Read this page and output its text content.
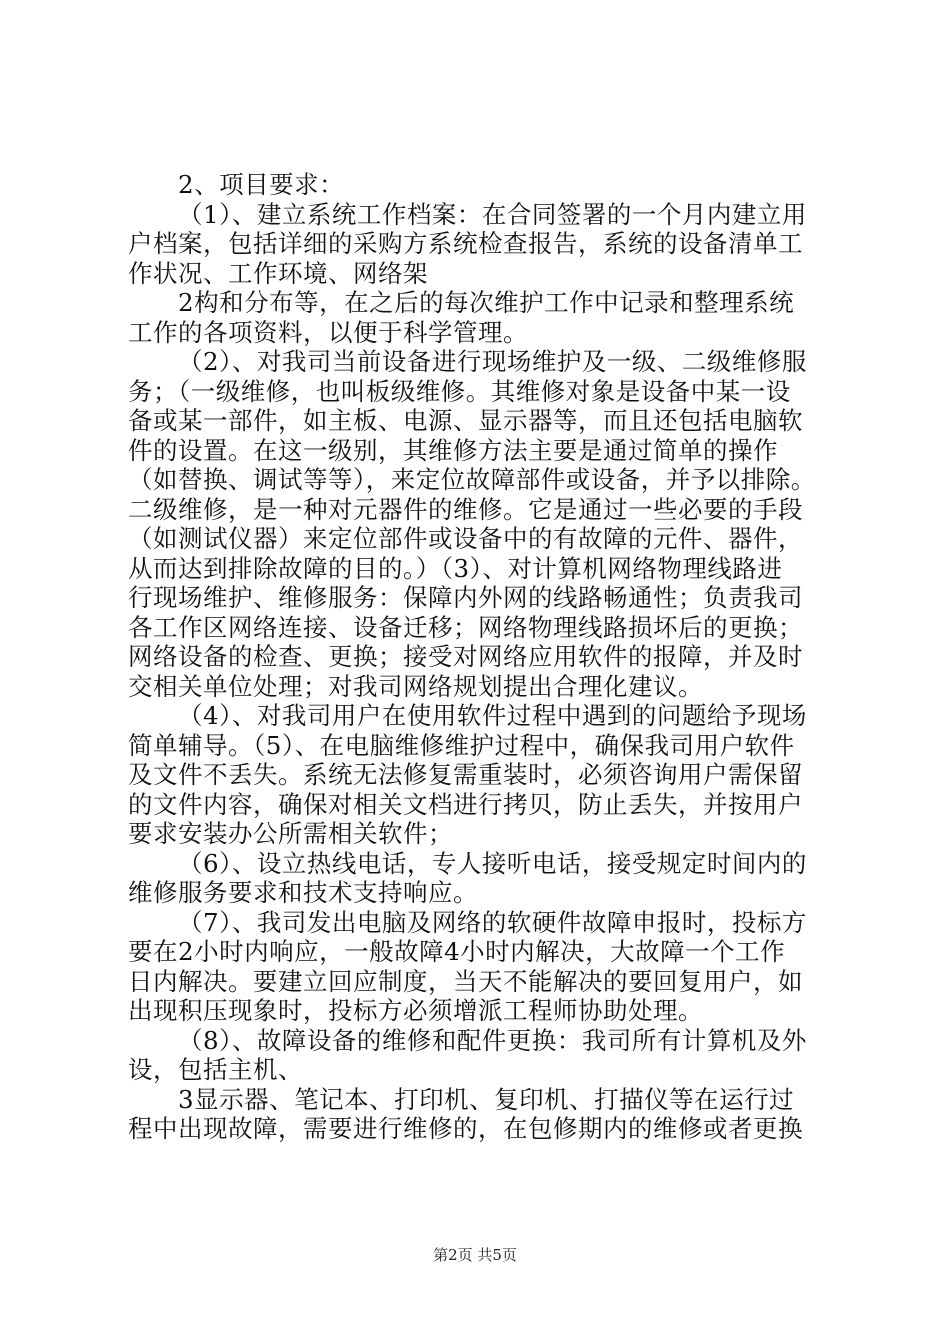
2、项目要求：
（1）、建立系统工作档案：在合同签署的一个月内建立用
户档案，包括详细的采购方系统检查报告，系统的设备清单工
作状况、工作环境、网络架
2构和分布等，在之后的每次维护工作中记录和整理系统
工作的各项资料，以便于科学管理。
（2）、对我司当前设备进行现场维护及一级、二级维修服
务；（一级维修，也叫板级维修。其维修对象是设备中某一设
备或某一部件，如主板、电源、显示器等，而且还包括电脑软
件的设置。在这一级别，其维修方法主要是通过简单的操作
（如替换、调试等等），来定位故障部件或设备，并予以排除。
二级维修，是一种对元器件的维修。它是通过一些必要的手段
（如测试仪器）来定位部件或设备中的有故障的元件、器件，
从而达到排除故障的目的。）（3）、对计算机网络物理线路进
行现场维护、维修服务：保障内外网的线路畅通性；负责我司
各工作区网络连接、设备迁移；网络物理线路损坏后的更换；
网络设备的检查、更换；接受对网络应用软件的报障，并及时
交相关单位处理；对我司网络规划提出合理化建议。
（4）、对我司用户在使用软件过程中遇到的问题给予现场
简单辅导。（5）、在电脑维修维护过程中，确保我司用户软件
及文件不丢失。系统无法修复需重装时，必须咨询用户需保留
的文件内容，确保对相关文档进行拷贝，防止丢失，并按用户
要求安装办公所需相关软件；
（6）、设立热线电话，专人接听电话，接受规定时间内的
维修服务要求和技术支持响应。
（7）、我司发出电脑及网络的软硬件故障申报时，投标方
要在2小时内响应，一般故障4小时内解决，大故障一个工作
日内解决。要建立回应制度，当天不能解决的要回复用户，如
出现积压现象时，投标方必须增派工程师协助处理。
（8）、故障设备的维修和配件更换：我司所有计算机及外
设，包括主机、
3显示器、笔记本、打印机、复印机、打描仪等在运行过
程中出现故障，需要进行维修的，在包修期内的维修或者更换
第2页 共5页
